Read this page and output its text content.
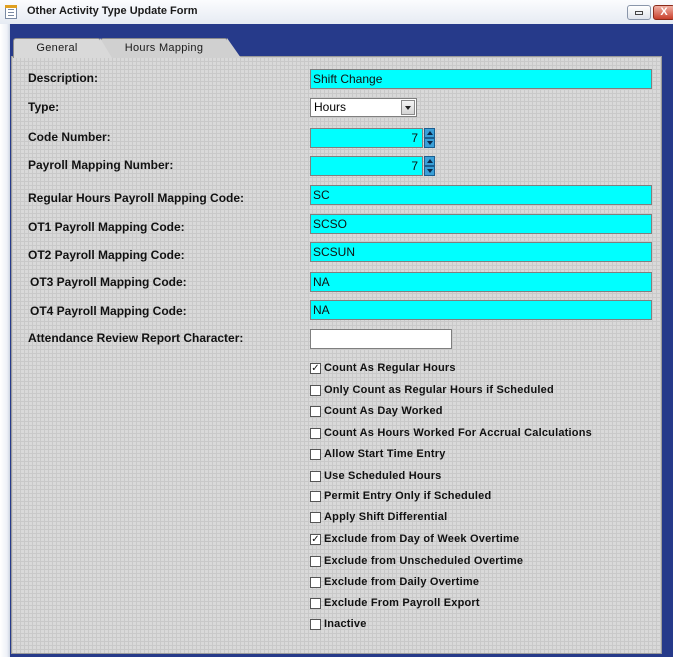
Other Activity Type Update Form	X
Hours Mapping
General
Description:
Type:
Code Number:
Payroll Mapping Number:
Regular Hours Payroll Mapping Code:
OT1 Payroll Mapping Code:
OT2 Payroll Mapping Code:
OT3 Payroll Mapping Code:
OT4 Payroll Mapping Code:
Attendance Review Report Character:
Shift Change
Hours
7
7
SC
SCSO
SCSUN
NA
NA
✓ Count As Regular Hours
Only Count as Regular Hours if Scheduled
Count As Day Worked
Count As Hours Worked For Accrual Calculations
Allow Start Time Entry
Use Scheduled Hours
Permit Entry Only if Scheduled
Apply Shift Differential
✓ Exclude from Day of Week Overtime
Exclude from Unscheduled Overtime
Exclude from Daily Overtime
Exclude From Payroll Export
Inactive
